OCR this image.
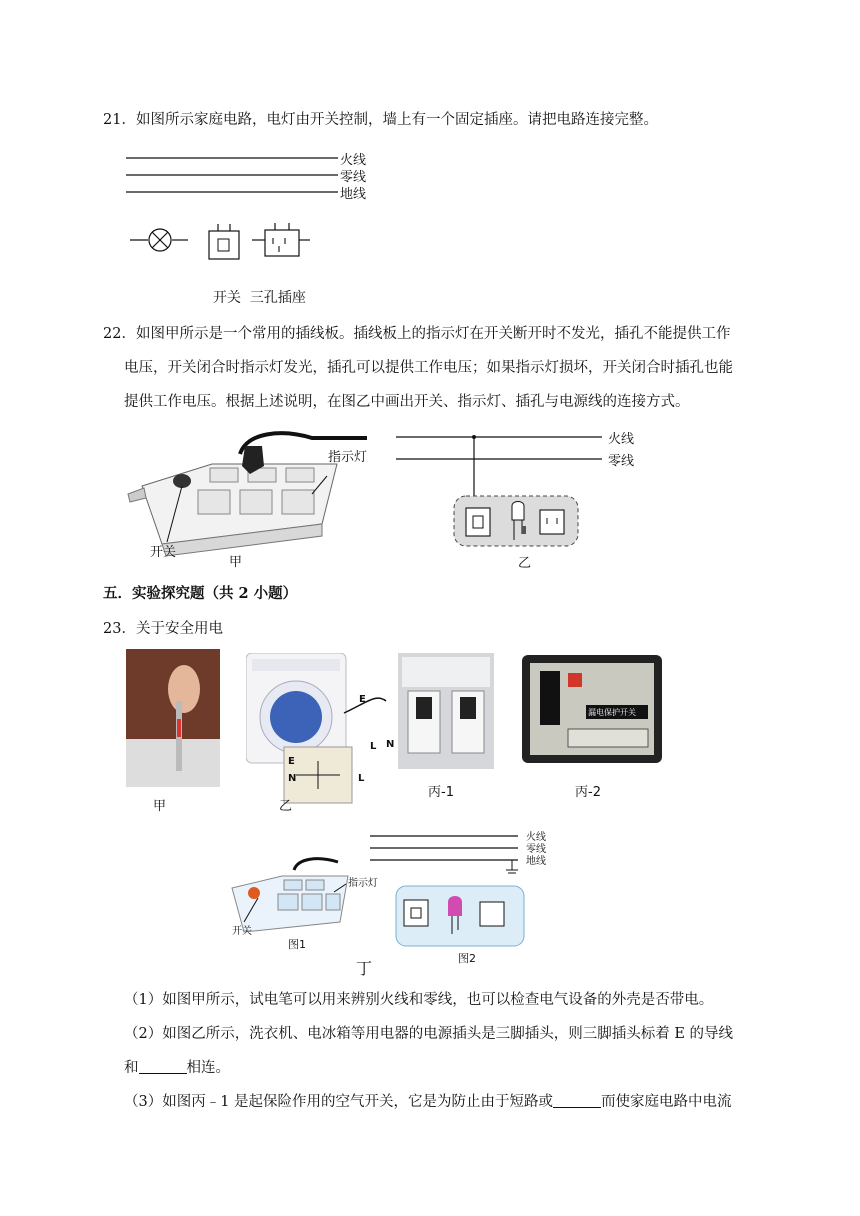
21．如图所示家庭电路，电灯由开关控制，墙上有一个固定插座。请把电路连接完整。
火线
零线
地线
开关  三孔插座
22．如图甲所示是一个常用的插线板。插线板上的指示灯在开关断开时不发光，插孔不能提供工作
电压，开关闭合时指示灯发光，插孔可以提供工作电压；如果指示灯损坏，开关闭合时插孔也能
提供工作电压。根据上述说明，在图乙中画出开关、指示灯、插孔与电源线的连接方式。
指示灯
开关
甲
火线
零线
乙
五．实验探究题（共 2 小题）
23．关于安全用电
甲
E
L N
E
N	L
乙
丙-1
漏电保护开关
丙-2
指示灯
开关
图1
图2
火线
零线
地线
丁
（1）如图甲所示，试电笔可以用来辨别火线和零线，也可以检查电气设备的外壳是否带电。
（2）如图乙所示，洗衣机、电冰箱等用电器的电源插头是三脚插头，则三脚插头标着 E 的导线
和	相连。
（3）如图丙﹣1 是起保险作用的空气开关，它是为防止由于短路或	而使家庭电路中电流
